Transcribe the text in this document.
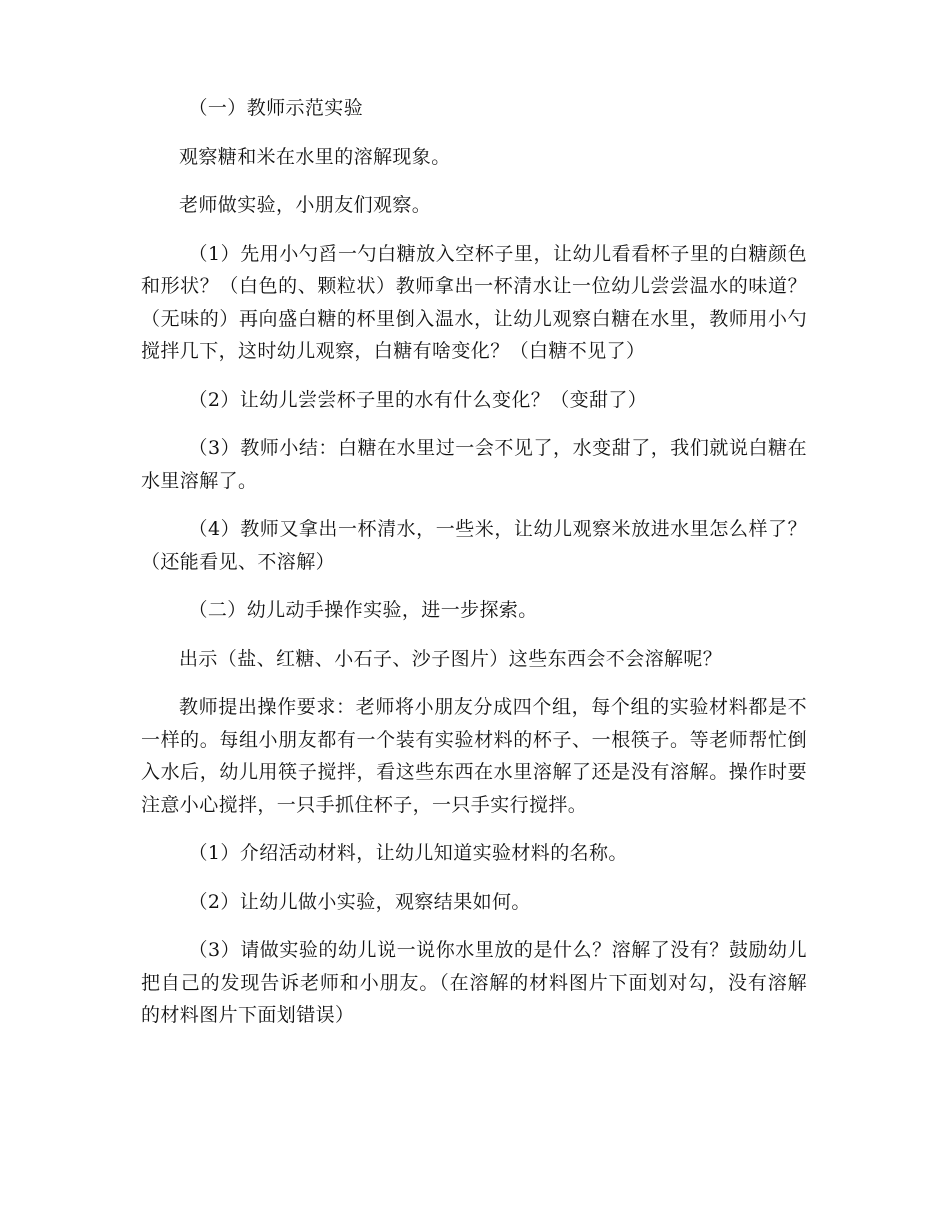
（一）教师示范实验

观察糖和米在水里的溶解现象。

老师做实验，小朋友们观察。

（1）先用小勺舀一勺白糖放入空杯子里，让幼儿看看杯子里的白糖颜色和形状？（白色的、颗粒状）教师拿出一杯清水让一位幼儿尝尝温水的味道？（无味的）再向盛白糖的杯里倒入温水，让幼儿观察白糖在水里，教师用小勺搅拌几下，这时幼儿观察，白糖有啥变化？（白糖不见了）

（2）让幼儿尝尝杯子里的水有什么变化？（变甜了）

（3）教师小结：白糖在水里过一会不见了，水变甜了，我们就说白糖在水里溶解了。

（4）教师又拿出一杯清水，一些米，让幼儿观察米放进水里怎么样了？（还能看见、不溶解）

（二）幼儿动手操作实验，进一步探索。

出示（盐、红糖、小石子、沙子图片）这些东西会不会溶解呢？

教师提出操作要求：老师将小朋友分成四个组，每个组的实验材料都是不一样的。每组小朋友都有一个装有实验材料的杯子、一根筷子。等老师帮忙倒入水后，幼儿用筷子搅拌，看这些东西在水里溶解了还是没有溶解。操作时要注意小心搅拌，一只手抓住杯子，一只手实行搅拌。

（1）介绍活动材料，让幼儿知道实验材料的名称。

（2）让幼儿做小实验，观察结果如何。

（3）请做实验的幼儿说一说你水里放的是什么？溶解了没有？鼓励幼儿把自己的发现告诉老师和小朋友。（在溶解的材料图片下面划对勾，没有溶解的材料图片下面划错误）
